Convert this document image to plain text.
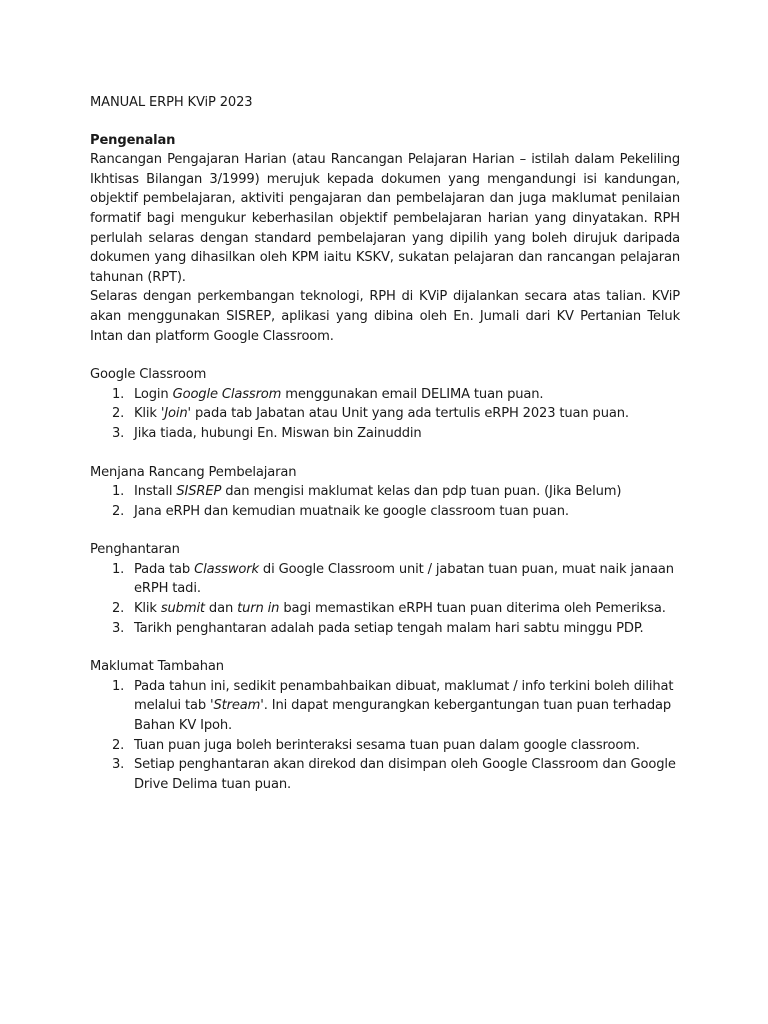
MANUAL ERPH KViP 2023

Pengenalan

Rancangan Pengajaran Harian (atau Rancangan Pelajaran Harian – istilah dalam Pekeliling Ikhtisas Bilangan 3/1999) merujuk kepada dokumen yang mengandungi isi kandungan, objektif pembelajaran, aktiviti pengajaran dan pembelajaran dan juga maklumat penilaian formatif bagi mengukur keberhasilan objektif pembelajaran harian yang dinyatakan. RPH perlulah selaras dengan standard pembelajaran yang dipilih yang boleh dirujuk daripada dokumen yang dihasilkan oleh KPM iaitu KSKV, sukatan pelajaran dan rancangan pelajaran tahunan (RPT).

Selaras dengan perkembangan teknologi, RPH di KViP dijalankan secara atas talian. KViP akan menggunakan SISREP, aplikasi yang dibina oleh En. Jumali dari KV Pertanian Teluk Intan dan platform Google Classroom.

Google Classroom

1. Login Google Classrom menggunakan email DELIMA tuan puan.
2. Klik 'Join' pada tab Jabatan atau Unit yang ada tertulis eRPH 2023 tuan puan.
3. Jika tiada, hubungi En. Miswan bin Zainuddin

Menjana Rancang Pembelajaran

1. Install SISREP dan mengisi maklumat kelas dan pdp tuan puan. (Jika Belum)
2. Jana eRPH dan kemudian muatnaik ke google classroom tuan puan.

Penghantaran

1. Pada tab Classwork di Google Classroom unit / jabatan tuan puan, muat naik janaan eRPH tadi.
2. Klik submit dan turn in bagi memastikan eRPH tuan puan diterima oleh Pemeriksa.
3. Tarikh penghantaran adalah pada setiap tengah malam hari sabtu minggu PDP.

Maklumat Tambahan

1. Pada tahun ini, sedikit penambahbaikan dibuat, maklumat / info terkini boleh dilihat melalui tab 'Stream'. Ini dapat mengurangkan kebergantungan tuan puan terhadap Bahan KV Ipoh.
2. Tuan puan juga boleh berinteraksi sesama tuan puan dalam google classroom.
3. Setiap penghantaran akan direkod dan disimpan oleh Google Classroom dan Google Drive Delima tuan puan.
